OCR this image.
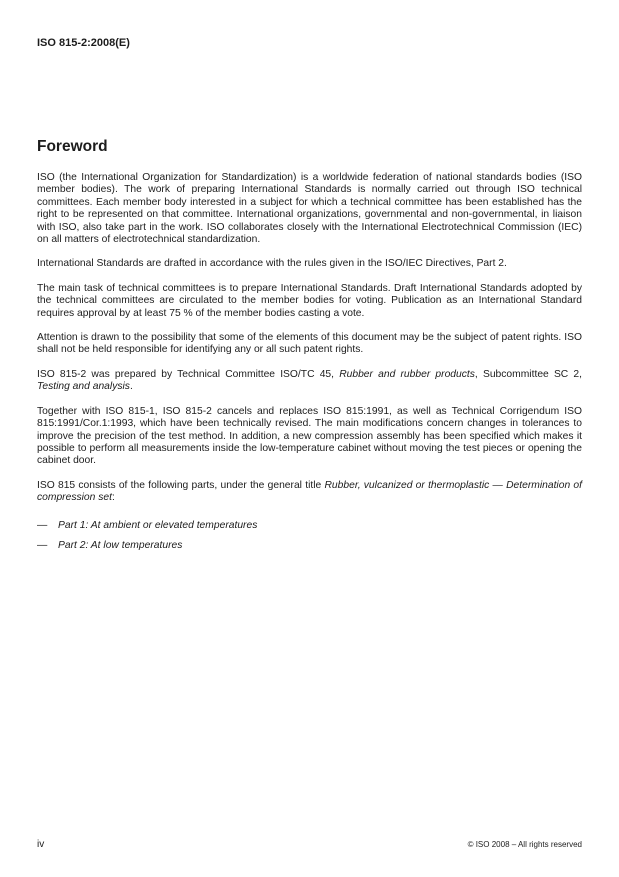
ISO 815-2:2008(E)
Foreword

ISO (the International Organization for Standardization) is a worldwide federation of national standards bodies (ISO member bodies). The work of preparing International Standards is normally carried out through ISO technical committees. Each member body interested in a subject for which a technical committee has been established has the right to be represented on that committee. International organizations, governmental and non-governmental, in liaison with ISO, also take part in the work. ISO collaborates closely with the International Electrotechnical Commission (IEC) on all matters of electrotechnical standardization.

International Standards are drafted in accordance with the rules given in the ISO/IEC Directives, Part 2.

The main task of technical committees is to prepare International Standards. Draft International Standards adopted by the technical committees are circulated to the member bodies for voting. Publication as an International Standard requires approval by at least 75 % of the member bodies casting a vote.

Attention is drawn to the possibility that some of the elements of this document may be the subject of patent rights. ISO shall not be held responsible for identifying any or all such patent rights.

ISO 815-2 was prepared by Technical Committee ISO/TC 45, Rubber and rubber products, Subcommittee SC 2, Testing and analysis.

Together with ISO 815-1, ISO 815-2 cancels and replaces ISO 815:1991, as well as Technical Corrigendum ISO 815:1991/Cor.1:1993, which have been technically revised. The main modifications concern changes in tolerances to improve the precision of the test method. In addition, a new compression assembly has been specified which makes it possible to perform all measurements inside the low-temperature cabinet without moving the test pieces or opening the cabinet door.

ISO 815 consists of the following parts, under the general title Rubber, vulcanized or thermoplastic — Determination of compression set:

—	Part 1: At ambient or elevated temperatures
—	Part 2: At low temperatures
iv	© ISO 2008 – All rights reserved
